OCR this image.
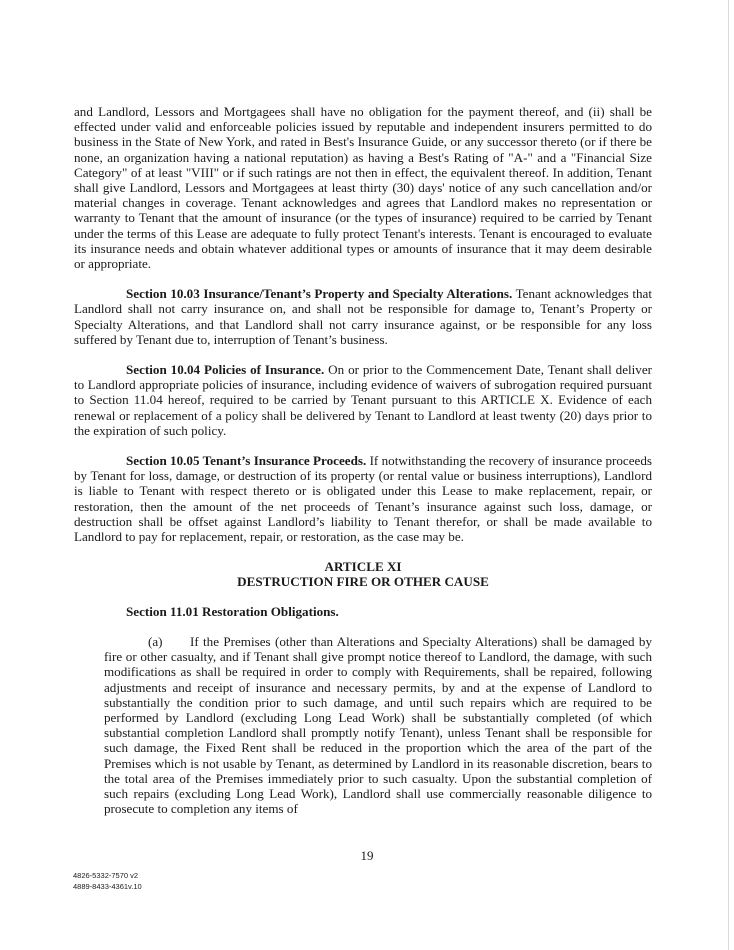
and Landlord, Lessors and Mortgagees shall have no obligation for the payment thereof, and (ii) shall be effected under valid and enforceable policies issued by reputable and independent insurers permitted to do business in the State of New York, and rated in Best's Insurance Guide, or any successor thereto (or if there be none, an organization having a national reputation) as having a Best's Rating of "A-" and a "Financial Size Category" of at least "VIII" or if such ratings are not then in effect, the equivalent thereof. In addition, Tenant shall give Landlord, Lessors and Mortgagees at least thirty (30) days' notice of any such cancellation and/or material changes in coverage. Tenant acknowledges and agrees that Landlord makes no representation or warranty to Tenant that the amount of insurance (or the types of insurance) required to be carried by Tenant under the terms of this Lease are adequate to fully protect Tenant's interests. Tenant is encouraged to evaluate its insurance needs and obtain whatever additional types or amounts of insurance that it may deem desirable or appropriate.

Section 10.03 Insurance/Tenant’s Property and Specialty Alterations. Tenant acknowledges that Landlord shall not carry insurance on, and shall not be responsible for damage to, Tenant’s Property or Specialty Alterations, and that Landlord shall not carry insurance against, or be responsible for any loss suffered by Tenant due to, interruption of Tenant’s business.

Section 10.04 Policies of Insurance. On or prior to the Commencement Date, Tenant shall deliver to Landlord appropriate policies of insurance, including evidence of waivers of subrogation required pursuant to Section 11.04 hereof, required to be carried by Tenant pursuant to this ARTICLE X. Evidence of each renewal or replacement of a policy shall be delivered by Tenant to Landlord at least twenty (20) days prior to the expiration of such policy.

Section 10.05 Tenant’s Insurance Proceeds. If notwithstanding the recovery of insurance proceeds by Tenant for loss, damage, or destruction of its property (or rental value or business interruptions), Landlord is liable to Tenant with respect thereto or is obligated under this Lease to make replacement, repair, or restoration, then the amount of the net proceeds of Tenant’s insurance against such loss, damage, or destruction shall be offset against Landlord’s liability to Tenant therefor, or shall be made available to Landlord to pay for replacement, repair, or restoration, as the case may be.

ARTICLE XI

DESTRUCTION FIRE OR OTHER CAUSE

Section 11.01 Restoration Obligations.

(a) If the Premises (other than Alterations and Specialty Alterations) shall be damaged by fire or other casualty, and if Tenant shall give prompt notice thereof to Landlord, the damage, with such modifications as shall be required in order to comply with Requirements, shall be repaired, following adjustments and receipt of insurance and necessary permits, by and at the expense of Landlord to substantially the condition prior to such damage, and until such repairs which are required to be performed by Landlord (excluding Long Lead Work) shall be substantially completed (of which substantial completion Landlord shall promptly notify Tenant), unless Tenant shall be responsible for such damage, the Fixed Rent shall be reduced in the proportion which the area of the part of the Premises which is not usable by Tenant, as determined by Landlord in its reasonable discretion, bears to the total area of the Premises immediately prior to such casualty. Upon the substantial completion of such repairs (excluding Long Lead Work), Landlord shall use commercially reasonable diligence to prosecute to completion any items of

19
4826-5332-7570 v2
4889-8433-4361v.10
